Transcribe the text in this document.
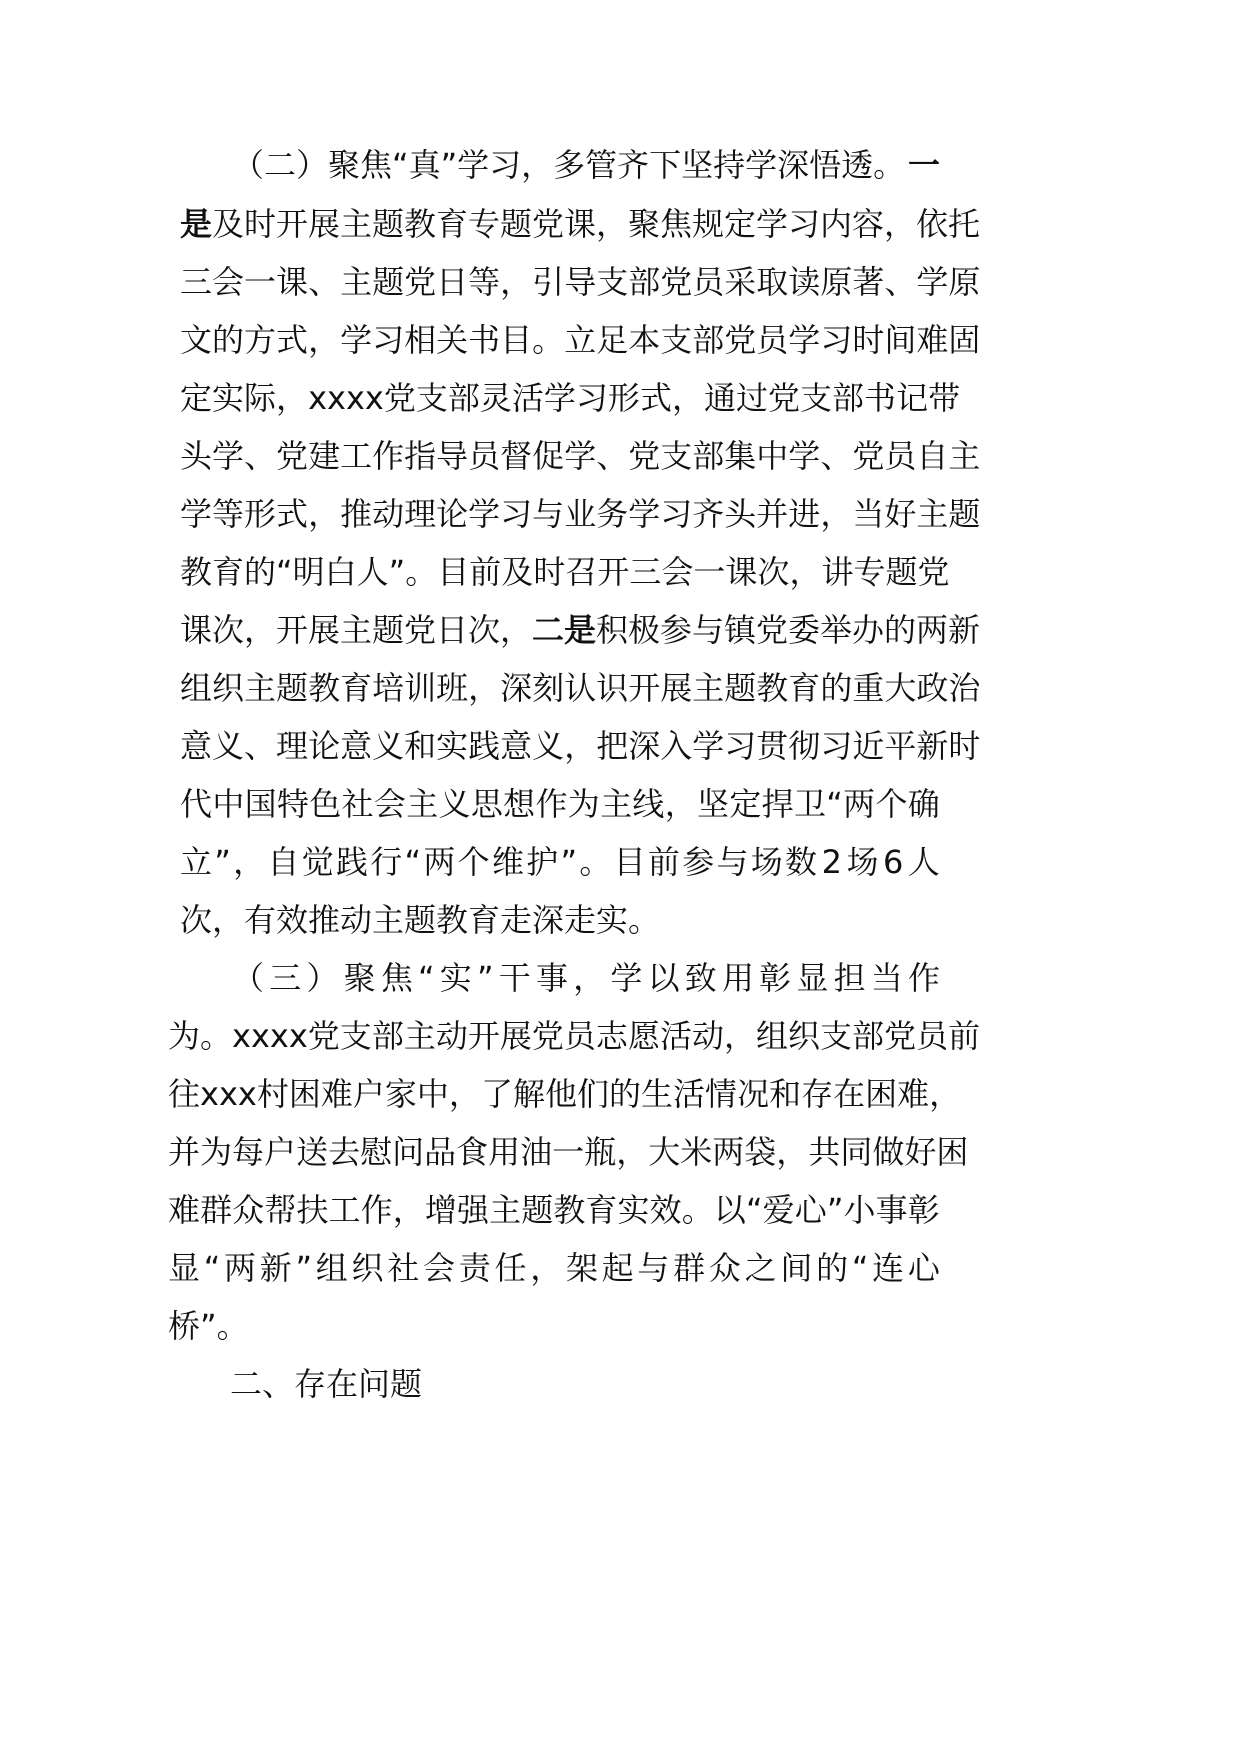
（二）聚焦“真”学习，多管齐下坚持学深悟透。 一
是 及时开展主题教育专题党课，聚焦规定学习内容，依托
三 会 一 课 、 主 题 党 日 等 ， 引 导 支 部 党 员 采 取 读 原 著 、 学 原
文 的 方 式 ， 学 习 相 关 书 目 。 立 足 本 支 部 党 员 学 习 时 间 难 固
定 实 际 ， x x x x 党 支 部 灵 活 学 习 形 式 ， 通 过 党 支 部 书 记 带
头 学 、 党 建 工 作 指 导 员 督 促 学 、 党 支 部 集 中 学 、 党 员 自 主
学 等 形 式 ， 推 动 理 论 学 习 与 业 务 学 习 齐 头 并 进 ， 当 好 主 题
教 育 的 “ 明 白 人 ” 。 目 前 及 时 召 开 三 会 一 课 次 ， 讲 专 题 党
课次，开展主题党日次， 二是 积极参与镇党委举办的两新
组 织 主 题 教 育 培 训 班 ， 深 刻 认 识 开 展 主 题 教 育 的 重 大 政 治
意 义 、 理 论 意 义 和 实 践 意 义 ， 把 深 入 学 习 贯 彻 习 近 平 新 时
代 中 国 特 色 社 会 主 义 思 想 作 为 主 线 ， 坚 定 捍 卫 “ 两 个 确
立 ” ， 自 觉 践 行 “ 两 个 维 护 ” 。 目 前 参 与 场 数 2 场 6 人
次，有效推动主题教育走深走实。
（ 三 ） 聚 焦 “ 实 ” 干 事 ， 学 以 致 用 彰 显 担 当 作
为 。 x x x x 党 支 部 主 动 开 展 党 员 志 愿 活 动 ， 组 织 支 部 党 员 前
往 x x x 村 困 难 户 家 中 ， 了 解 他 们 的 生 活 情 况 和 存 在 困 难 ，
并 为 每 户 送 去 慰 问 品 食 用 油 一 瓶 ， 大 米 两 袋 ， 共 同 做 好 困
难 群 众 帮 扶 工 作 ， 增 强 主 题 教 育 实 效 。 以 “ 爱 心 ” 小 事 彰
显 “ 两 新 ” 组 织 社 会 责 任 ， 架 起 与 群 众 之 间 的 “ 连 心
桥”。
二、存在问题
